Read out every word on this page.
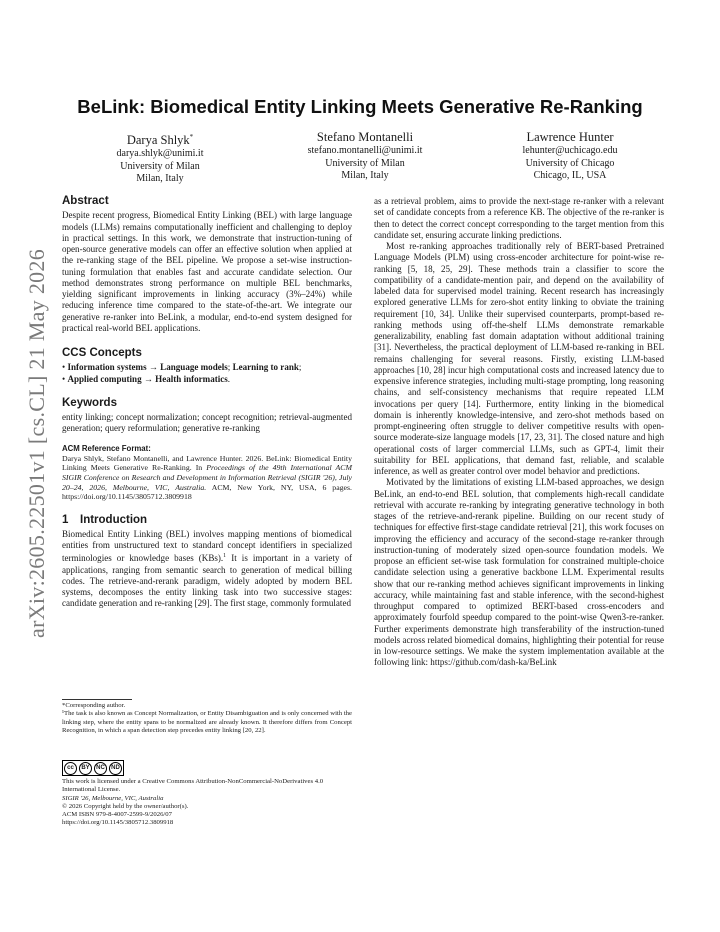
arXiv:2605.22501v1 [cs.CL] 21 May 2026
BeLink: Biomedical Entity Linking Meets Generative Re-Ranking
Darya Shlyk*
darya.shlyk@unimi.it
University of Milan
Milan, Italy
Stefano Montanelli
stefano.montanelli@unimi.it
University of Milan
Milan, Italy
Lawrence Hunter
lehunter@uchicago.edu
University of Chicago
Chicago, IL, USA
Abstract

Despite recent progress, Biomedical Entity Linking (BEL) with large language models (LLMs) remains computationally inefficient and challenging to deploy in practical settings. In this work, we demonstrate that instruction-tuning of open-source generative models can offer an effective solution when applied at the re-ranking stage of the BEL pipeline. We propose a set-wise instruction-tuning formulation that enables fast and accurate candidate selection. Our method demonstrates strong performance on multiple BEL benchmarks, yielding significant improvements in linking accuracy (3%–24%) while reducing inference time compared to the state-of-the-art. We integrate our generative re-ranker into BeLink, a modular, end-to-end system designed for practical real-world BEL applications.

CCS Concepts

• Information systems → Language models; Learning to rank;

• Applied computing → Health informatics.

Keywords

entity linking; concept normalization; concept recognition; retrieval-augmented generation; query reformulation; generative re-ranking

ACM Reference Format:

Darya Shlyk, Stefano Montanelli, and Lawrence Hunter. 2026. BeLink: Biomedical Entity Linking Meets Generative Re-Ranking. In Proceedings of the 49th International ACM SIGIR Conference on Research and Development in Information Retrieval (SIGIR '26), July 20–24, 2026, Melbourne, VIC, Australia. ACM, New York, NY, USA, 6 pages. https://doi.org/10.1145/3805712.3809918

1 Introduction

Biomedical Entity Linking (BEL) involves mapping mentions of biomedical entities from unstructured text to standard concept identifiers in specialized terminologies or knowledge bases (KBs).$^1$ It is important in a variety of applications, ranging from semantic search to generation of medical billing codes. The retrieve-and-rerank paradigm, widely adopted by modern BEL systems, decomposes the entity linking task into two successive stages: candidate generation and re-ranking [29]. The first stage, commonly formulated

*Corresponding author.

¹The task is also known as Concept Normalization, or Entity Disambiguation and is only concerned with the linking step, where the entity spans to be normalized are already known. It therefore differs from Concept Recognition, in which a span detection step precedes entity linking [20, 22].

cc	BY	NC	ND

This work is licensed under a Creative Commons Attribution-NonCommercial-NoDerivatives 4.0 International License.

SIGIR '26, Melbourne, VIC, Australia

© 2026 Copyright held by the owner/author(s).

ACM ISBN 979-8-4007-2599-9/2026/07

https://doi.org/10.1145/3805712.3809918

as a retrieval problem, aims to provide the next-stage re-ranker with a relevant set of candidate concepts from a reference KB. The objective of the re-ranker is then to detect the correct concept corresponding to the target mention from this candidate set, ensuring accurate linking predictions.

Most re-ranking approaches traditionally rely of BERT-based Pretrained Language Models (PLM) using cross-encoder architecture for point-wise re-ranking [5, 18, 25, 29]. These methods train a classifier to score the compatibility of a candidate-mention pair, and depend on the availability of labeled data for supervised model training. Recent research has increasingly explored generative LLMs for zero-shot entity linking to obviate the training requirement [10, 34]. Unlike their supervised counterparts, prompt-based re-ranking methods using off-the-shelf LLMs demonstrate remarkable generalizability, enabling fast domain adaptation without additional training [31]. Nevertheless, the practical deployment of LLM-based re-ranking in BEL remains challenging for several reasons. Firstly, existing LLM-based approaches [10, 28] incur high computational costs and increased latency due to expensive inference strategies, including multi-stage prompting, long reasoning chains, and self-consistency mechanisms that require repeated LLM invocations per query [14]. Furthermore, entity linking in the biomedical domain is inherently knowledge-intensive, and zero-shot methods based on prompt-engineering often struggle to deliver competitive results with open-source moderate-size language models [17, 23, 31]. The closed nature and high operational costs of larger commercial LLMs, such as GPT-4, limit their suitability for BEL applications, that demand fast, reliable, and scalable inference, as well as greater control over model behavior and predictions.

Motivated by the limitations of existing LLM-based approaches, we design BeLink, an end-to-end BEL solution, that complements high-recall candidate retrieval with accurate re-ranking by integrating generative technology in both stages of the retrieve-and-rerank pipeline. Building on our recent study of techniques for effective first-stage candidate retrieval [21], this work focuses on improving the efficiency and accuracy of the second-stage re-ranker through instruction-tuning of moderately sized open-source foundation models. We propose an efficient set-wise task formulation for constrained multiple-choice candidate selection using a generative backbone LLM. Experimental results show that our re-ranking method achieves significant improvements in linking accuracy, while maintaining fast and stable inference, with the second-highest throughput compared to optimized BERT-based cross-encoders and approximately fourfold speedup compared to the point-wise Qwen3-re-ranker. Further experiments demonstrate high transferability of the instruction-tuned models across related biomedical domains, highlighting their potential for reuse in low-resource settings. We make the system implementation available at the following link: https://github.com/dash-ka/BeLink
